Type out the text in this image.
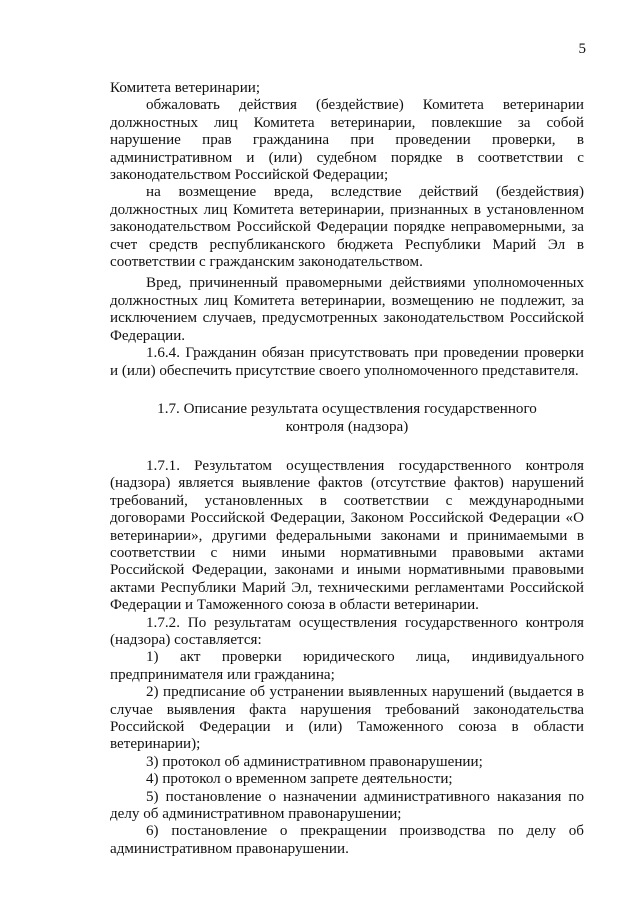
5

Комитета ветеринарии;

обжаловать действия (бездействие) Комитета ветеринарии должностных лиц Комитета ветеринарии, повлекшие за собой нарушение прав гражданина при проведении проверки, в административном и (или) судебном порядке в соответствии с законодательством Российской Федерации;

на возмещение вреда, вследствие действий (бездействия) должностных лиц Комитета ветеринарии, признанных в установленном законодательством Российской Федерации порядке неправомерными, за счет средств республиканского бюджета Республики Марий Эл в соответствии с гражданским законодательством.

Вред, причиненный правомерными действиями уполномоченных должностных лиц Комитета ветеринарии, возмещению не подлежит, за исключением случаев, предусмотренных законодательством Российской Федерации.

1.6.4. Гражданин обязан присутствовать при проведении проверки и (или) обеспечить присутствие своего уполномоченного представителя.

1.7. Описание результата осуществления государственного контроля (надзора)

1.7.1. Результатом осуществления государственного контроля (надзора) является выявление фактов (отсутствие фактов) нарушений требований, установленных в соответствии с международными договорами Российской Федерации, Законом Российской Федерации «О ветеринарии», другими федеральными законами и принимаемыми в соответствии с ними иными нормативными правовыми актами Российской Федерации, законами и иными нормативными правовыми актами Республики Марий Эл, техническими регламентами Российской Федерации и Таможенного союза в области ветеринарии.

1.7.2. По результатам осуществления государственного контроля (надзора) составляется:

1) акт проверки юридического лица, индивидуального предпринимателя или гражданина;

2) предписание об устранении выявленных нарушений (выдается в случае выявления факта нарушения требований законодательства Российской Федерации и (или) Таможенного союза в области ветеринарии);

3) протокол об административном правонарушении;

4) протокол о временном запрете деятельности;

5) постановление о назначении административного наказания по делу об административном правонарушении;

6) постановление о прекращении производства по делу об административном правонарушении.
